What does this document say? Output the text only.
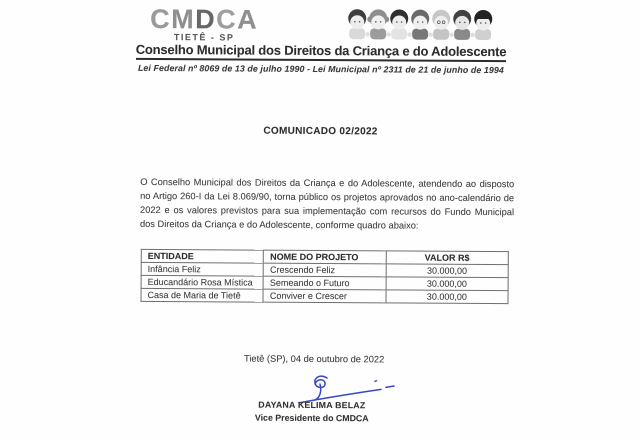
CMDCA
TIETÊ - SP
Conselho Municipal dos Direitos da Criança e do Adolescente
Lei Federal nº 8069 de 13 de julho 1990 - Lei Municipal nº 2311 de 21 de junho de 1994
COMUNICADO 02/2022

O Conselho Municipal dos Direitos da Criança e do Adolescente, atendendo ao disposto no Artigo 260-I da Lei 8.069/90, torna público os projetos aprovados no ano-calendário de 2022 e os valores previstos para sua implementação com recursos do Fundo Municipal dos Direitos da Criança e do Adolescente, conforme quadro abaixo:

ENTIDADE	NOME DO PROJETO	VALOR R$
Infância Feliz	Crescendo Feliz	30.000,00
Educandário Rosa Mística	Semeando o Futuro	30.000,00
Casa de Maria de Tietê	Conviver e Crescer	30.000,00
Tietê (SP), 04 de outubro de 2022
DAYANA KELIMA BELAZ
Vice Presidente do CMDCA
